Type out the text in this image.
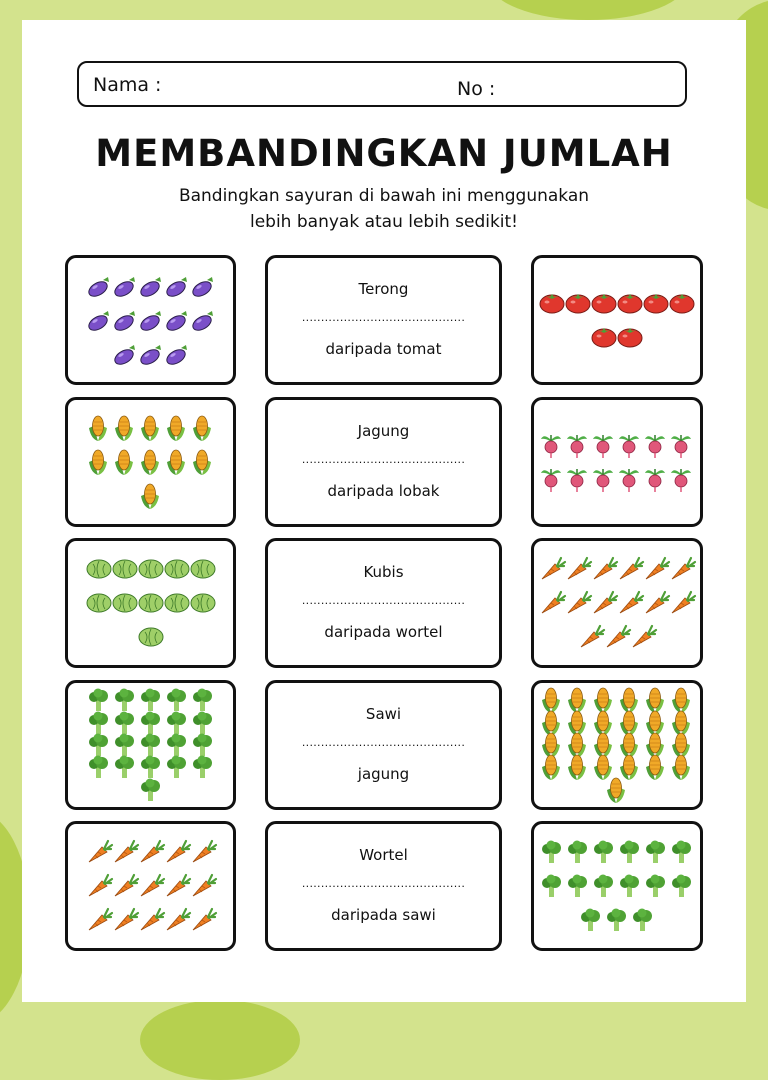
Nama :	No :
MEMBANDINGKAN JUMLAH
Bandingkan sayuran di bawah ini menggunakan
lebih banyak atau lebih sedikit!
Terong
...........................................
daripada tomat
Jagung
...........................................
daripada lobak
Kubis
...........................................
daripada wortel
Sawi
...........................................
jagung
Wortel
...........................................
daripada sawi
